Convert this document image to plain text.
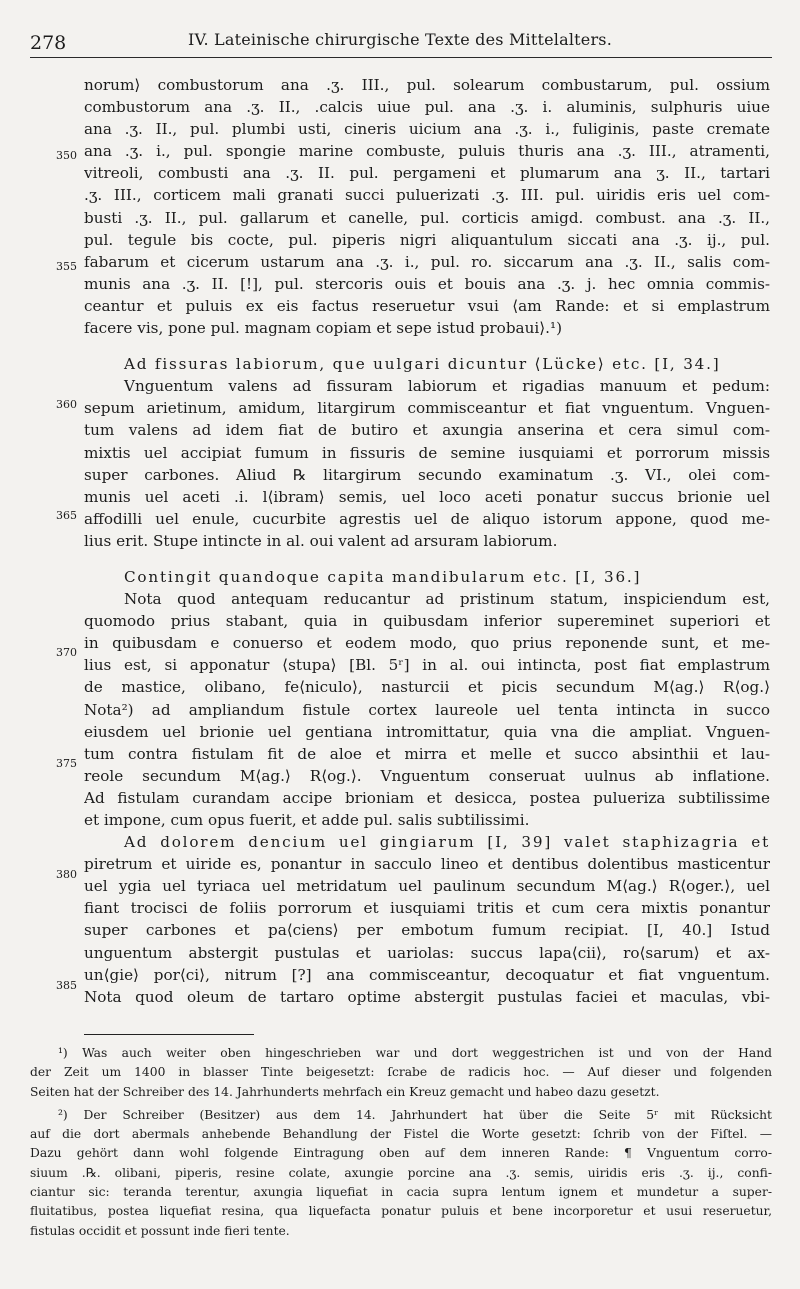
278	IV. Lateinische chirurgische Texte des Mittelalters.
350
355
360
365
370
375
380
385
norum⟩ combustorum ana .ʒ. III., pul. solearum combustarum, pul. ossium
combustorum ana .ʒ. II., .calcis uiue pul. ana .ʒ. i. aluminis, sulphuris uiue
ana .ʒ. II., pul. plumbi usti, cineris uicium ana .ʒ. i., fuliginis, paste cremate
ana .ʒ. i., pul. spongie marine combuste, puluis thuris ana .ʒ. III., atramenti,
vitreoli, combusti ana .ʒ. II. pul. pergameni et plumarum ana ʒ. II., tartari
.ʒ. III., corticem mali granati succi puluerizati .ʒ. III. pul. uiridis eris uel com-
busti .ʒ. II., pul. gallarum et canelle, pul. corticis amigd. combust. ana .ʒ. II.,
pul. tegule bis cocte, pul. piperis nigri aliquantulum siccati ana .ʒ. ij., pul.
fabarum et cicerum ustarum ana .ʒ. i., pul. ro. siccarum ana .ʒ. II., salis com-
munis ana .ʒ. II. [!], pul. stercoris ouis et bouis ana .ʒ. j. hec omnia commis-
ceantur et puluis ex eis factus reseruetur vsui ⟨am Rande: et si emplastrum
facere vis, pone pul. magnam copiam et sepe istud probaui⟩.¹)
Ad fissuras labiorum, que uulgari dicuntur ⟨Lücke⟩ etc. [I, 34.]
Vnguentum valens ad fissuram labiorum et rigadias manuum et pedum:
sepum arietinum, amidum, litargirum commisceantur et fiat vnguentum. Vnguen-
tum valens ad idem fiat de butiro et axungia anserina et cera simul com-
mixtis uel accipiat fumum in fissuris de semine iusquiami et porrorum missis
super carbones. Aliud ℞ litargirum secundo examinatum .ʒ. VI., olei com-
munis uel aceti .i. l⟨ibram⟩ semis, uel loco aceti ponatur succus brionie uel
affodilli uel enule, cucurbite agrestis uel de aliquo istorum appone, quod me-
lius erit. Stupe intincte in al. oui valent ad arsuram labiorum.
Contingit quandoque capita mandibularum etc. [I, 36.]
Nota quod antequam reducantur ad pristinum statum, inspiciendum est,
quomodo prius stabant, quia in quibusdam inferior supereminet superiori et
in quibusdam e conuerso et eodem modo, quo prius reponende sunt, et me-
lius est, si apponatur ⟨stupa⟩ [Bl. 5ʳ] in al. oui intincta, post fiat emplastrum
de mastice, olibano, fe⟨niculo⟩, nasturcii et picis secundum M⟨ag.⟩ R⟨og.⟩
Nota²) ad ampliandum fistule cortex laureole uel tenta intincta in succo
eiusdem uel brionie uel gentiana intromittatur, quia vna die ampliat. Vnguen-
tum contra fistulam fit de aloe et mirra et melle et succo absinthii et lau-
reole secundum M⟨ag.⟩ R⟨og.⟩. Vnguentum conseruat uulnus ab inflatione.
Ad fistulam curandam accipe brioniam et desicca, postea pulueriza subtilissime
et impone, cum opus fuerit, et adde pul. salis subtilissimi.
Ad dolorem dencium uel gingiarum [I, 39] valet staphizagria et
piretrum et uiride es, ponantur in sacculo lineo et dentibus dolentibus masticentur
uel ygia uel tyriaca uel metridatum uel paulinum secundum M⟨ag.⟩ R⟨oger.⟩, uel
fiant trocisci de foliis porrorum et iusquiami tritis et cum cera mixtis ponantur
super carbones et pa⟨ciens⟩ per embotum fumum recipiat. [I, 40.] Istud
unguentum abstergit pustulas et uariolas: succus lapa⟨cii⟩, ro⟨sarum⟩ et ax-
un⟨gie⟩ por⟨ci⟩, nitrum [?] ana commisceantur, decoquatur et fiat vnguentum.
Nota quod oleum de tartaro optime abstergit pustulas faciei et maculas, vbi-
¹) Was auch weiter oben hingeschrieben war und dort weggestrichen ist und von der Hand
der Zeit um 1400 in blasser Tinte beigesetzt: ſcrabe de radicis hoc. — Auf dieser und folgenden
Seiten hat der Schreiber des 14. Jahrhunderts mehrfach ein Kreuz gemacht und habeo dazu gesetzt.
²) Der Schreiber (Besitzer) aus dem 14. Jahrhundert hat über die Seite 5ʳ mit Rücksicht
auf die dort abermals anhebende Behandlung der Fistel die Worte gesetzt: ſchrib von der Fiſtel. —
Dazu gehört dann wohl folgende Eintragung oben auf dem inneren Rande: ¶ Vnguentum corro-
siuum .℞. olibani, piperis, resine colate, axungie porcine ana .ʒ. semis, uiridis eris .ʒ. ij., confi-
ciantur sic: teranda terentur, axungia liquefiat in cacia supra lentum ignem et mundetur a super-
fluitatibus, postea liquefiat resina, qua liquefacta ponatur puluis et bene incorporetur et usui reseruetur,
fistulas occidit et possunt inde fieri tente.
